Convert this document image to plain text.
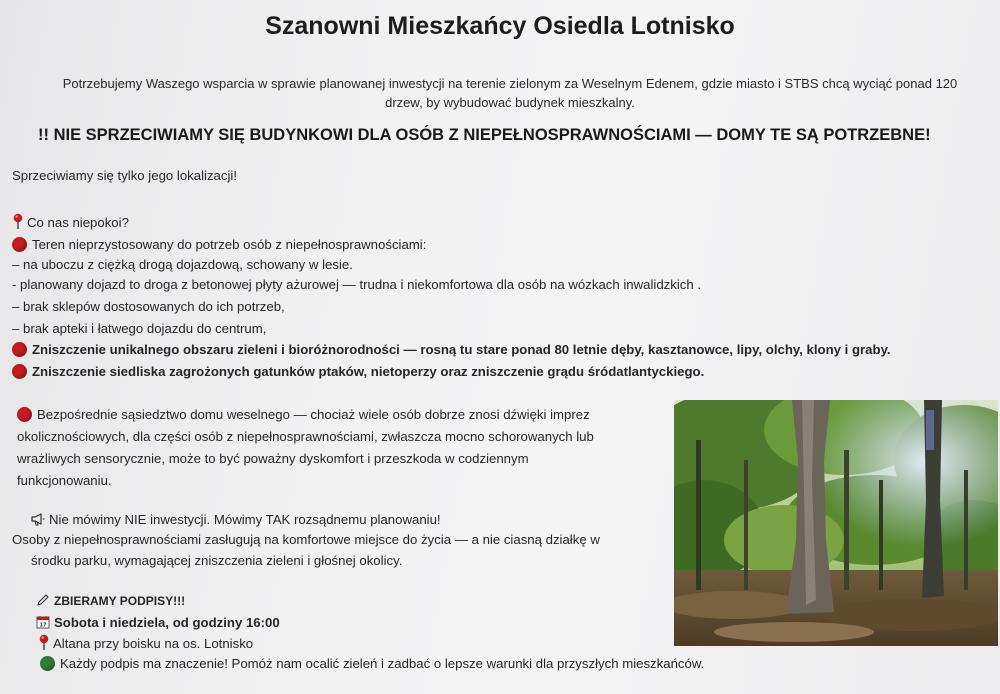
Szanowni Mieszkańcy Osiedla Lotnisko
Potrzebujemy Waszego wsparcia w sprawie planowanej inwestycji na terenie zielonym za Weselnym Edenem, gdzie miasto i STBS chcą wyciąć ponad 120
drzew, by wybudować budynek mieszkalny.
!! NIE SPRZECIWIAMY SIĘ BUDYNKOWI DLA OSÓB Z NIEPEŁNOSPRAWNOŚCIAMI — DOMY TE SĄ POTRZEBNE!
Sprzeciwiamy się tylko jego lokalizacji!
Co nas niepokoi?
Teren nieprzystosowany do potrzeb osób z niepełnosprawnościami:
– na uboczu z ciężką drogą dojazdową, schowany w lesie.
- planowany dojazd to droga z betonowej płyty ażurowej — trudna i niekomfortowa dla osób na wózkach inwalidzkich .
– brak sklepów dostosowanych do ich potrzeb,
– brak apteki i łatwego dojazdu do centrum,
Zniszczenie unikalnego obszaru zieleni i bioróżnorodności — rosną tu stare ponad 80 letnie dęby, kasztanowce, lipy, olchy, klony i graby.
Zniszczenie siedliska zagrożonych gatunków ptaków, nietoperzy oraz zniszczenie grądu śródatlantyckiego.
Bezpośrednie sąsiedztwo domu weselnego — chociaż wiele osób dobrze znosi dźwięki imprez
okolicznościowych, dla części osób z niepełnosprawnościami, zwłaszcza mocno schorowanych lub
wrażliwych sensorycznie, może to być poważny dyskomfort i przeszkoda w codziennym
funkcjonowaniu.
Nie mówimy NIE inwestycji. Mówimy TAK rozsądnemu planowaniu!
Osoby z niepełnosprawnościami zasługują na komfortowe miejsce do życia — a nie ciasną działkę w
środku parku, wymagającej zniszczenia zieleni i głośnej okolicy.
ZBIERAMY PODPISY!!!
17 Sobota i niedziela, od godziny 16:00
Altana przy boisku na os. Lotnisko
Każdy podpis ma znaczenie! Pomóż nam ocalić zieleń i zadbać o lepsze warunki dla przyszłych mieszkańców.
